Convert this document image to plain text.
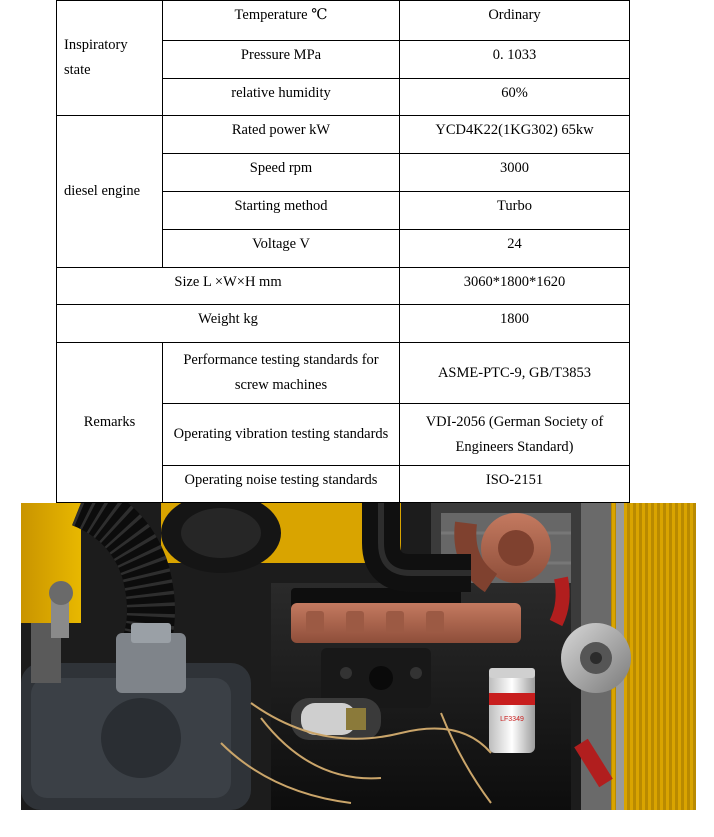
Inspiratory state	Temperature ℃	Ordinary
	Pressure MPa	0. 1033
	relative humidity	60%
diesel engine	Rated power kW	YCD4K22(1KG302) 65kw
	Speed rpm	3000
	Starting method	Turbo
	Voltage V	24
Size L ×W×H mm		3060*1800*1620
Weight kg		1800
Remarks	Performance testing standards for screw machines	ASME-PTC-9, GB/T3853
	Operating vibration testing standards	VDI-2056 (German Society of Engineers Standard)
	Operating noise testing standards	ISO-2151
LF3349
